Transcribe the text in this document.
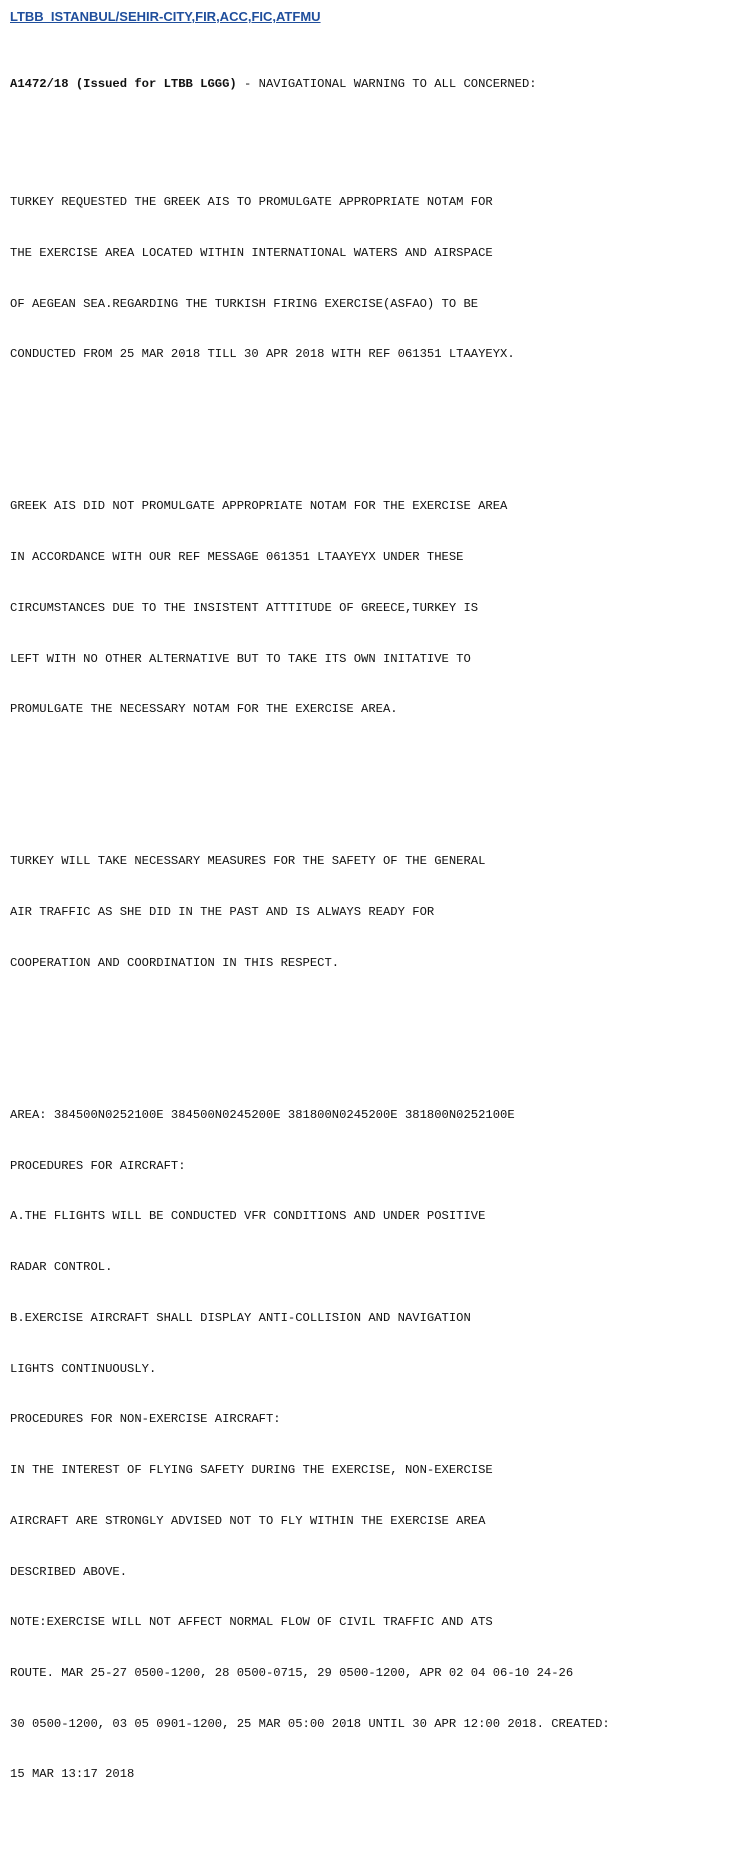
LTBB_ISTANBUL/SEHIR-CITY,FIR,ACC,FIC,ATFMU

A1472/18 (Issued for LTBB LGGG) - NAVIGATIONAL WARNING TO ALL CONCERNED:

TURKEY REQUESTED THE GREEK AIS TO PROMULGATE APPROPRIATE NOTAM FOR

THE EXERCISE AREA LOCATED WITHIN INTERNATIONAL WATERS AND AIRSPACE

OF AEGEAN SEA.REGARDING THE TURKISH FIRING EXERCISE(ASFAO) TO BE

CONDUCTED FROM 25 MAR 2018 TILL 30 APR 2018 WITH REF 061351 LTAAYEYX.

GREEK AIS DID NOT PROMULGATE APPROPRIATE NOTAM FOR THE EXERCISE AREA

IN ACCORDANCE WITH OUR REF MESSAGE 061351 LTAAYEYX UNDER THESE

CIRCUMSTANCES DUE TO THE INSISTENT ATTTITUDE OF GREECE,TURKEY IS

LEFT WITH NO OTHER ALTERNATIVE BUT TO TAKE ITS OWN INITATIVE TO

PROMULGATE THE NECESSARY NOTAM FOR THE EXERCISE AREA.

TURKEY WILL TAKE NECESSARY MEASURES FOR THE SAFETY OF THE GENERAL

AIR TRAFFIC AS SHE DID IN THE PAST AND IS ALWAYS READY FOR

COOPERATION AND COORDINATION IN THIS RESPECT.

AREA: 384500N0252100E 384500N0245200E 381800N0245200E 381800N0252100E

PROCEDURES FOR AIRCRAFT:

A.THE FLIGHTS WILL BE CONDUCTED VFR CONDITIONS AND UNDER POSITIVE

RADAR CONTROL.

B.EXERCISE AIRCRAFT SHALL DISPLAY ANTI-COLLISION AND NAVIGATION

LIGHTS CONTINUOUSLY.

PROCEDURES FOR NON-EXERCISE AIRCRAFT:

IN THE INTEREST OF FLYING SAFETY DURING THE EXERCISE, NON-EXERCISE

AIRCRAFT ARE STRONGLY ADVISED NOT TO FLY WITHIN THE EXERCISE AREA

DESCRIBED ABOVE.

NOTE:EXERCISE WILL NOT AFFECT NORMAL FLOW OF CIVIL TRAFFIC AND ATS

ROUTE. MAR 25-27 0500-1200, 28 0500-0715, 29 0500-1200, APR 02 04 06-10 24-26

30 0500-1200, 03 05 0901-1200, 25 MAR 05:00 2018 UNTIL 30 APR 12:00 2018. CREATED:

15 MAR 13:17 2018
